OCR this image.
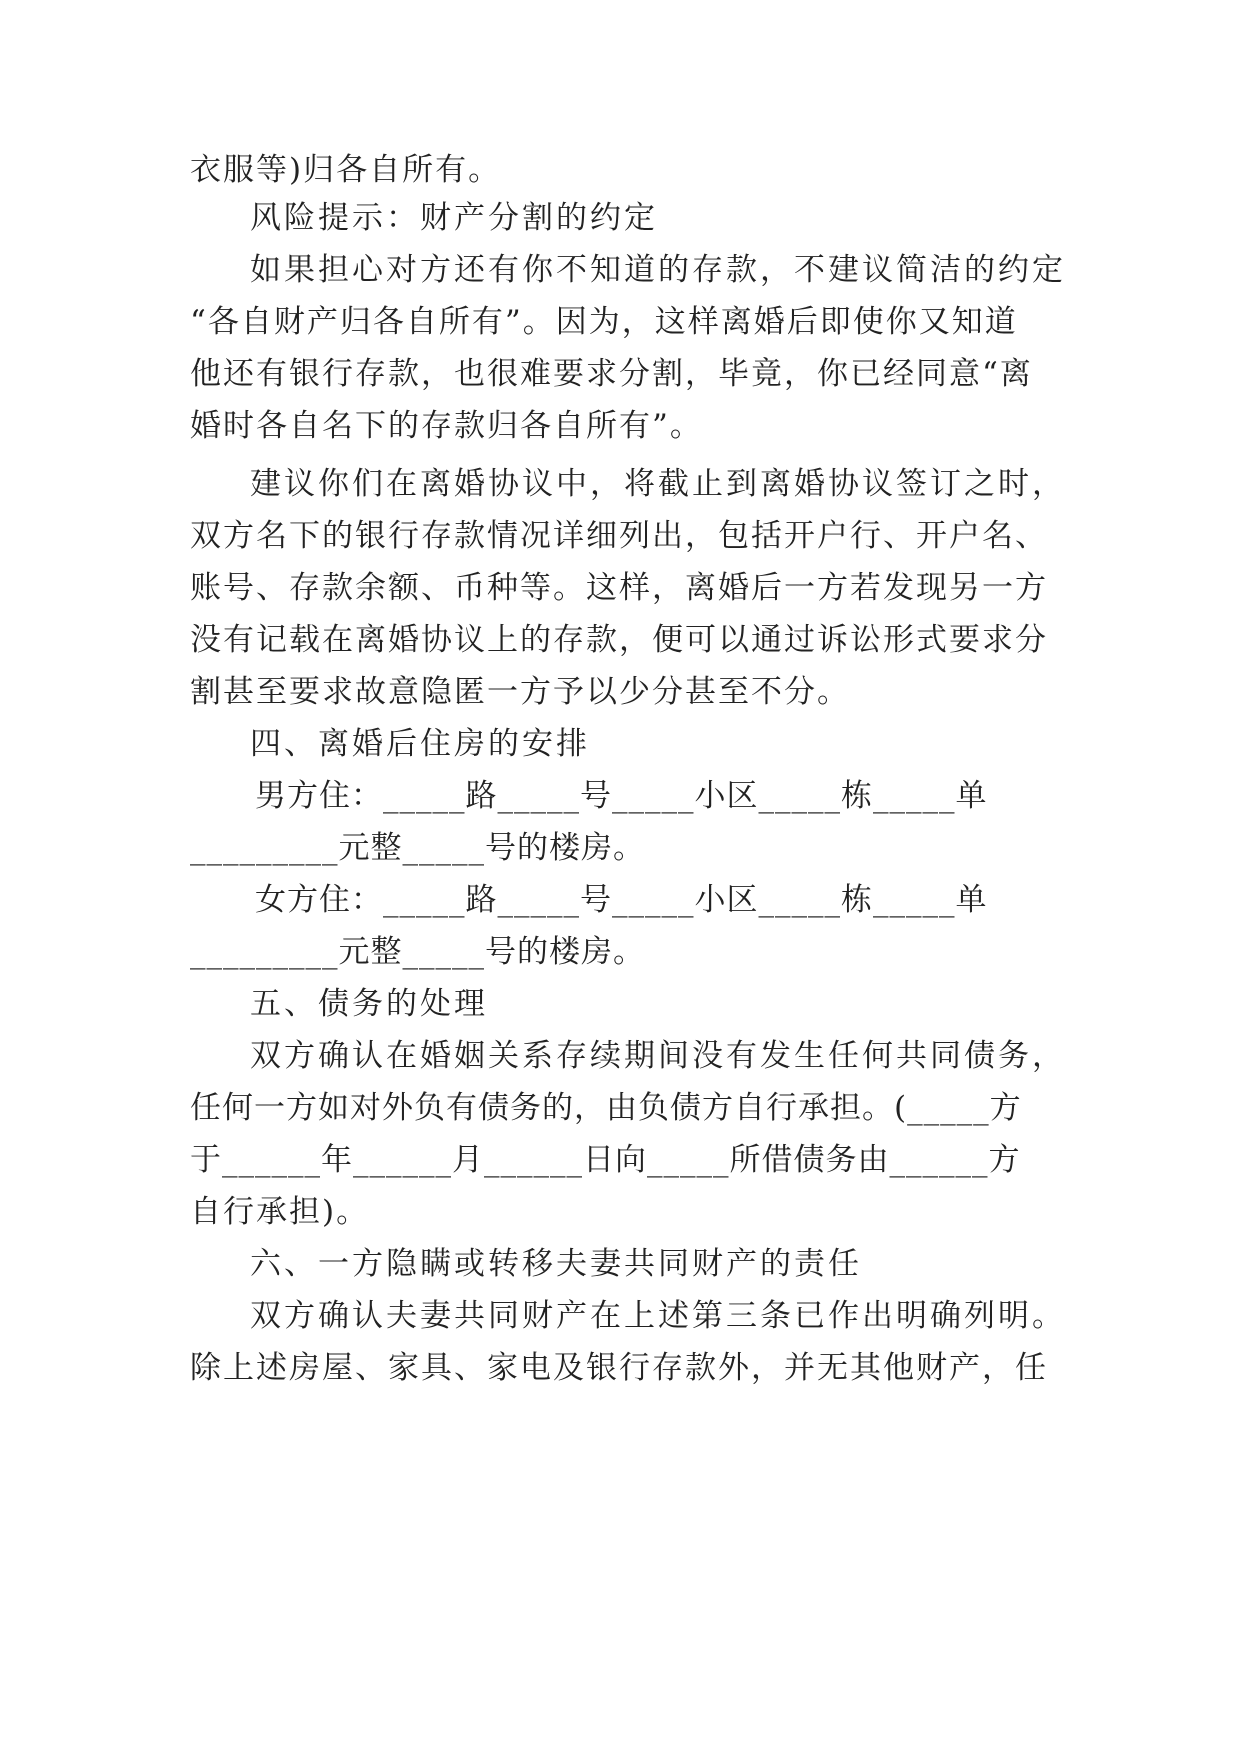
衣服等)归各自所有。
风险提示：财产分割的约定
如果担心对方还有你不知道的存款，不建议简洁的约定
“各自财产归各自所有”。因为，这样离婚后即使你又知道
他还有银行存款，也很难要求分割，毕竟，你已经同意“离
婚时各自名下的存款归各自所有”。
建议你们在离婚协议中，将截止到离婚协议签订之时，
双方名下的银行存款情况详细列出，包括开户行、开户名、
账号、存款余额、币种等。这样，离婚后一方若发现另一方
没有记载在离婚协议上的存款，便可以通过诉讼形式要求分
割甚至要求故意隐匿一方予以少分甚至不分。
四、离婚后住房的安排
男方住：_____路_____号_____小区_____栋_____单
_________元整_____号的楼房。
女方住：_____路_____号_____小区_____栋_____单
_________元整_____号的楼房。
五、债务的处理
双方确认在婚姻关系存续期间没有发生任何共同债务，
任何一方如对外负有债务的，由负债方自行承担。(_____方
于______年______月______日向_____所借债务由______方
自行承担)。
六、一方隐瞒或转移夫妻共同财产的责任
双方确认夫妻共同财产在上述第三条已作出明确列明。
除上述房屋、家具、家电及银行存款外，并无其他财产，任
